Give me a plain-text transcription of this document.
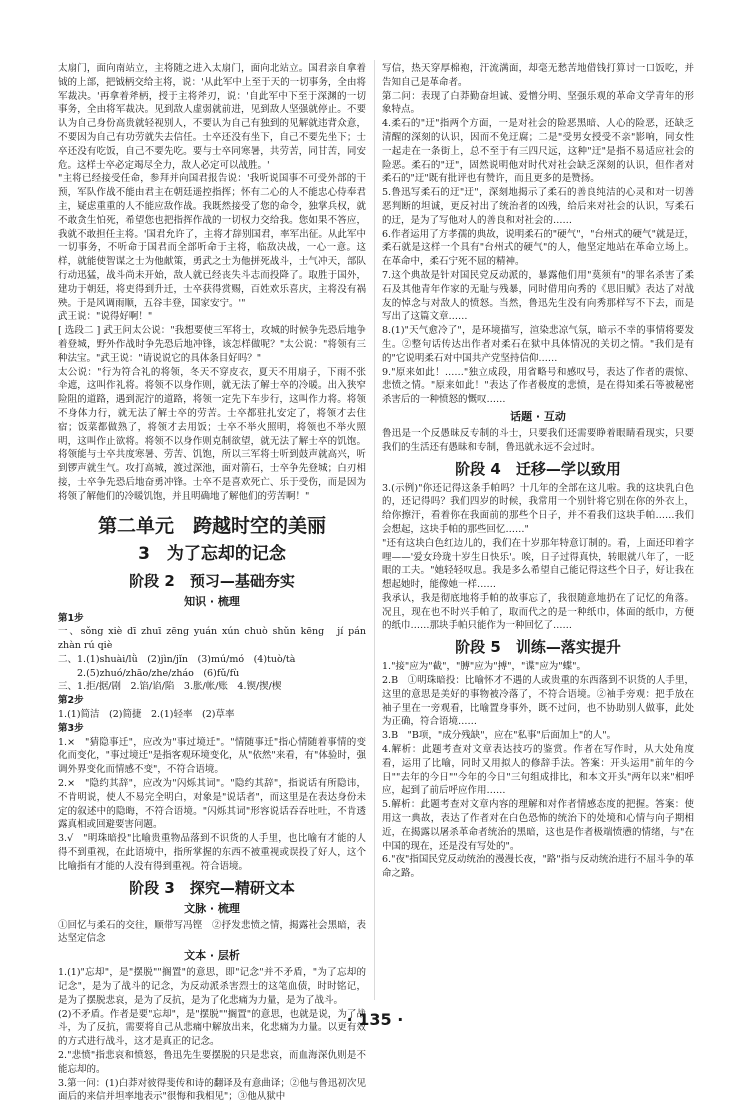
太扇门，面向南站立，主将随之进入太扇门，面向北站立。国君亲自拿着钺的上部，把钺柄交给主将，说：'从此军中上至于天的一切事务，全由将军裁决。'再拿着斧柄，授于主将斧刃，说：'自此军中下至于深渊的一切事务，全由将军裁决。见到敌人虚弱就前进，见到敌人坚强就停止。不要认为自己身份高贵就轻视别人，不要认为自己有独到的见解就违背众意，不要因为自己有功劳就失去信任。士卒还没有坐下，自己不要先坐下；士卒还没有吃饭，自己不要先吃。要与士卒同寒暑，共劳苦，同甘苦，同安危。这样士卒必定竭尽全力，敌人必定可以战胜。'

"主将已经接受任命，参拜并向国君报告说：'我听说国事不可受外部的干预，军队作战不能由君主在朝廷遥控指挥；怀有二心的人不能忠心侍奉君主，疑虑重重的人不能应敌作战。我既然接受了您的命令，独掌兵权，就不敢贪生怕死，希望您也把指挥作战的一切权力交给我。您如果不答应，我就不敢担任主将。'国君允许了，主将才辞别国君，率军出征。从此军中一切事务，不听命于国君而全部听命于主将，临敌决战，一心一意。这样，就能使智谋之士为他献策，勇武之士为他拼死战斗，士气冲天，部队行动迅猛，战斗尚未开始，敌人就已经丧失斗志而投降了。取胜于国外，建功于朝廷，将吏得到升迁，士卒获得赏赐，百姓欢乐喜庆，主将没有祸殃。于是风调雨顺，五谷丰登，国家安宁。'"

武王说："说得好啊！"

[ 选段二 ] 武王问太公说："我想要使三军将士，攻城的时候争先恐后地争着登城，野外作战时争先恐后地冲锋，该怎样做呢？"太公说："将领有三种法宝。"武王说："请说说它的具体条目好吗？"

太公说："行为符合礼的将领，冬天不穿皮衣，夏天不用扇子，下雨不张伞遮，这叫作礼将。将领不以身作则，就无法了解士卒的冷暖。出入狭窄险阻的道路，遇到泥泞的道路，将领一定先下车步行，这叫作力将。将领不身体力行，就无法了解士卒的劳苦。士卒都驻扎安定了，将领才去住宿；饭菜都做熟了，将领才去用饭；士卒不举火照明，将领也不举火照明，这叫作止欲将。将领不以身作则克制欲望，就无法了解士卒的饥饱。将领能与士卒共度寒暑、劳苦、饥饱，所以三军将士听到鼓声就高兴，听到锣声就生气。攻打高城，渡过深池，面对箭石，士卒争先登城；白刃相接，士卒争先恐后地奋勇冲锋。士卒不是喜欢死亡、乐于受伤，而是因为将领了解他们的冷暖饥饱，并且明确地了解他们的劳苦啊！"

第二单元　跨越时空的美丽
3　为了忘却的记念
阶段 2　预习—基础夯实
知识 · 梳理

第1步

一、sǒng xiè dī zhuī zēng yuán xún chuò shǔn kēng　jí pán zhàn rú qiè

二、1.(1)shuài/lǜ　(2)jìn/jǐn　(3)mú/mó　(4)tuò/tà

　　2.(5)zhuó/zhāo/zhe/zháo　(6)fǔ/fù

三、1.拒/据/剧　2.馅/谄/陷　3.胀/帐/账　4.锲/揳/楔

第2步

1.(1)简洁　(2)简捷　2.(1)轻率　(2)草率

第3步

1.×　"猜隐事迁"，应改为"事过境迁"。"情随事迁"指心情随着事情的变化而变化，"事过境迁"是指客观环境变化，从"依然"来看，有"体验时，强调外界变化而情感不变"，不符合语境。

2.×　"隐约其辞"，应改为"闪烁其词"。"隐约其辞"，指说话有所隐讳，不肯明说，使人不易完全明白，对象是"说话者"，而这里是在表达身份未定的叙述中的隐晦，不符合语境。"闪烁其词"形容说话吞吞吐吐，不肯透露真相或回避要害问题。

3.√　"明珠暗投"比喻贵重物品落到不识货的人手里，也比喻有才能的人得不到重视，在此语境中，指所掌握的东西不被重视或误投了好人，这个比喻指有才能的人没有得到重视。符合语境。

阶段 3　探究—精研文本
文脉 · 梳理

①回忆与柔石的交往，顺带写冯铿　②抒发悲愤之情，揭露社会黑暗，表达坚定信念

文本 · 层析

1.(1)"忘却"，是"摆脱""搁置"的意思，即"记念"并不矛盾，"为了忘却的记念"，是为了战斗的记念，为反动派杀害烈士的这笔血债，时时铭记，是为了摆脱悲哀，是为了反抗，是为了化悲痛为力量，是为了战斗。

(2)不矛盾。作者是要"忘却"，是"摆脱""搁置"的意思，也就是说，为了战斗，为了反抗，需要将自己从悲痛中解放出来，化悲痛为力量。以更有效的方式进行战斗，这才是真正的记念。

2."悲愤"指悲哀和愤怒，鲁迅先生要摆脱的只是悲哀，而血海深仇则是不能忘却的。

3.第一问：(1)白莽对彼得斐传和诗的翻译及有意曲译；②他与鲁迅初次见面后的来信并坦率地表示"很悔和我相见"；③他从狱中

写信，热天穿厚棉袍，汗流满面，却毫无愁苦地借钱打算讨一口饭吃，并告知自己是革命者。

第二问：表现了白莽勤奋坦诚、爱憎分明、坚强乐观的革命文学青年的形象特点。

4.柔石的"迂"指两个方面，一是对社会的险恶黑暗、人心的险恶，还缺乏清醒的深刻的认识，因而不免迂腐；二是"受男女授受不亲"影响，同女性一起走在一条街上，总不至于有三四尺远，这种"迂"是指不易适应社会的险恶。柔石的"迂"，固然说明他对时代对社会缺乏深刻的认识，但作者对柔石的"迂"既有批评也有赞许，而且更多的是赞扬。

5.鲁迅写柔石的迂"迂"，深刻地揭示了柔石的善良纯洁的心灵和对一切善恶判断的坦诚，更反衬出了统治者的凶残，给后来对社会的认识，写柔石的迂，是为了写他对人的善良和对社会的……

6.作者运用了方孝孺的典故，说明柔石的"硬气"，"台州式的硬气"就是迂，柔石就是这样一个具有"台州式的硬气"的人，他坚定地站在革命立场上。在革命中，柔石宁死不屈的精神。

7.这个典故是针对国民党反动派的，暴露他们用"莫须有"的罪名杀害了柔石及其他青年作家的无耻与残暴，同时借用向秀的《思旧赋》表达了对战友的悼念与对敌人的愤怒。当然，鲁迅先生没有向秀那样写不下去，而是写出了这篇文章……

8.(1)"天气愈冷了"，是环境描写，渲染悲凉气氛，暗示不幸的事情将要发生。②整句话传达出作者对柔石在狱中具体情况的关切之情。"我们是有的"它说明柔石对中国共产党坚持信仰……

9."原来如此！……"独立成段，用省略号和感叹号，表达了作者的震惊、悲愤之情。"原来如此！"表达了作者极度的悲愤，是在得知柔石等被秘密杀害后的一种愤怒的慨叹……

话题 · 互动

鲁迅是一个反愚昧反专制的斗士，只要我们还需要睁着眼睛看现实，只要我们的生活还有愚昧和专制，鲁迅就永远不会过时。

阶段 4　迁移—学以致用

3.(示例)"你还记得这条手帕吗？十几年的全部在这儿啦。我的这块乳白色的，还记得吗？我们四岁的时候，我常用一个别针将它别在你的外衣上，给你擦汗，看着你在我面前的那些个日子，并不看我们这块手帕……我们会想起，这块手帕的那些回忆……"

"还有这块白色红边儿的，我们在十岁那年特意订制的。看，上面还印着字哩——'爱女玲珑十岁生日快乐'。唉，日子过得真快，转眼就八年了，一眨眼的工夫。"她轻轻叹息。我是多么希望自己能记得这些个日子，好让我在想起她时，能像她一样……

我承认，我是彻底地将手帕的故事忘了，我很随意地扔在了记忆的角落。况且，现在也不时兴手帕了，取而代之的是一种纸巾，体面的纸巾，方便的纸巾……那块手帕只能作为一种回忆了……

阶段 5　训练—落实提升

1."接"应为"截"，"膊"应为"搏"，"谍"应为"蝶"。

2.B　①明珠暗投：比喻怀才不遇的人或贵重的东西落到不识货的人手里，这里的意思是美好的事物被冷落了，不符合语境。②袖手旁观：把手放在袖子里在一旁观看，比喻置身事外，既不过问，也不协助别人做事，此处为正确，符合语境……

3.B　"B项，"成分残缺"，应在"私事"后面加上"的人"。

4.解析：此题考查对文章表达技巧的鉴赏。作者在写作时，从大处角度看，运用了比喻，同时又用拟人的修辞手法。答案：开头运用"前年的今日""去年的今日""今年的今日"三句组成排比，和本文开头"两年以来"相呼应，起到了前后呼应作用……

5.解析：此题考查对文章内容的理解和对作者情感态度的把握。答案：使用这一典故，表达了作者对在白色恐怖的统治下的处境和心情与向子期相近，在揭露以屠杀革命者统治的黑暗，这也是作者极端愤懑的情绪，与"在中国的现在，还是没有写处的"。

6."夜"指国民党反动统治的漫漫长夜，"路"指与反动统治进行不屈斗争的革命之路。

· 135 ·
